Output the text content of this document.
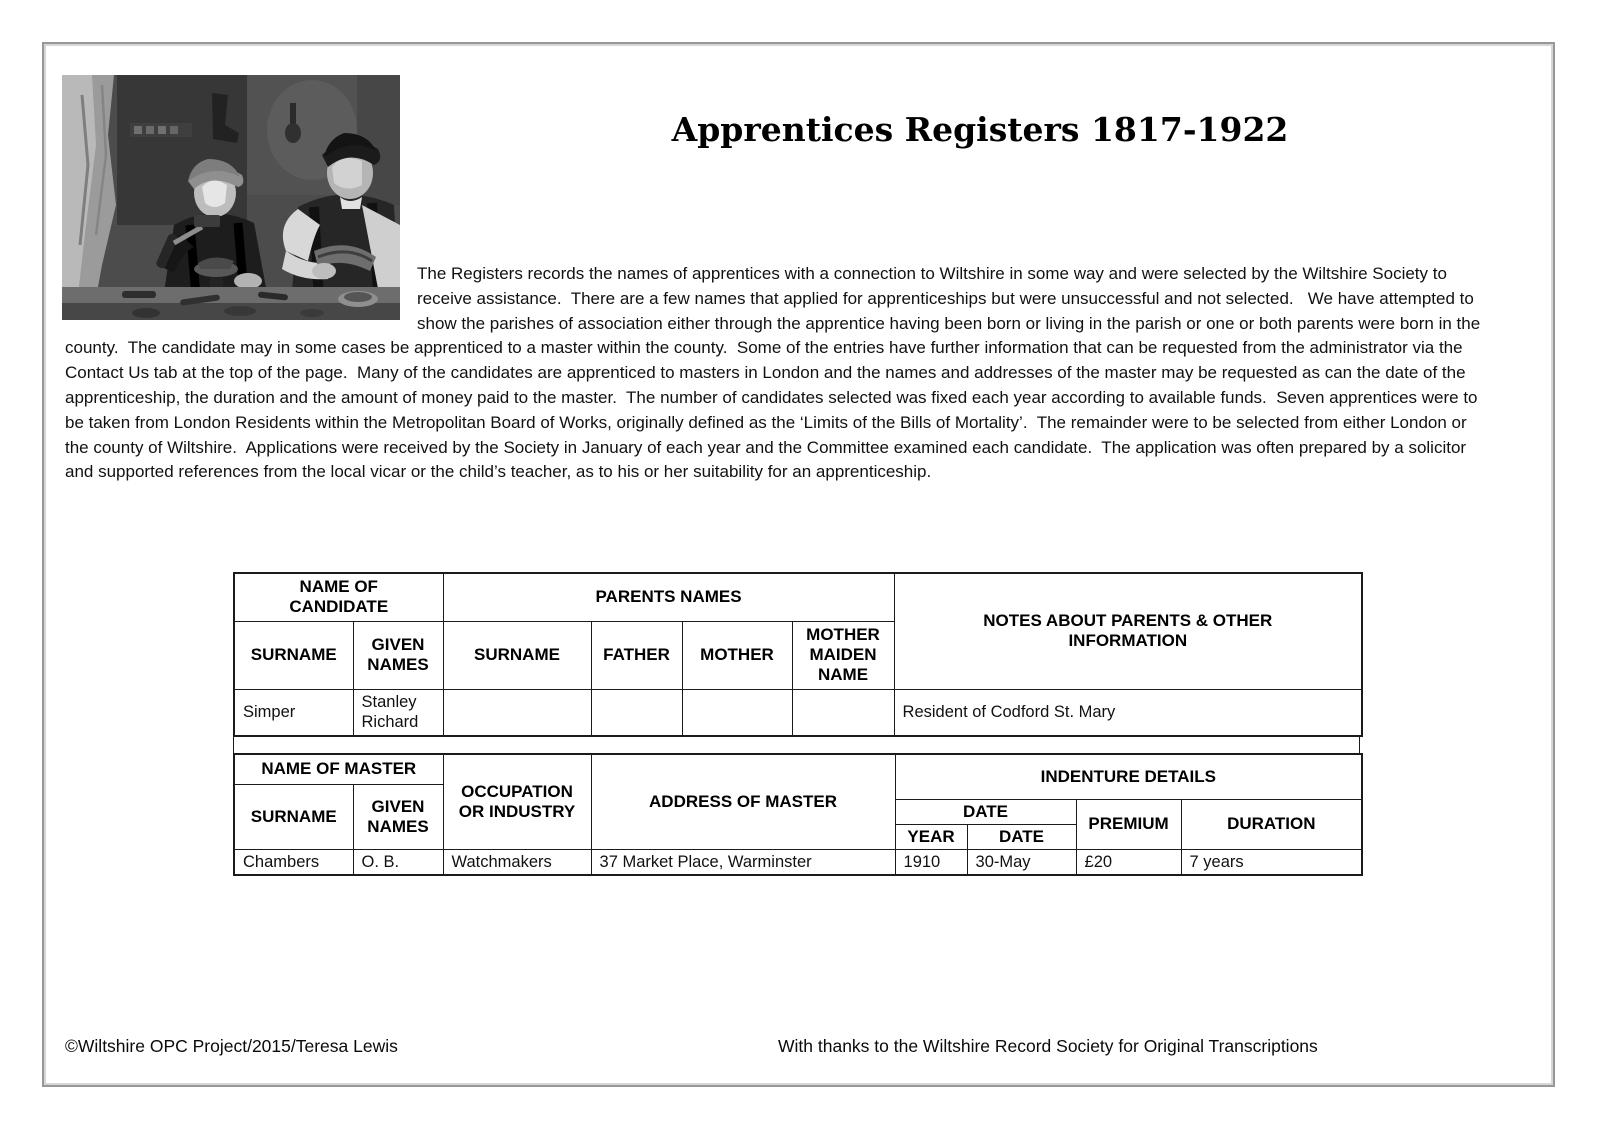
Apprentices Registers 1817-1922
The Registers records the names of apprentices with a connection to Wiltshire in some way and were selected by the Wiltshire Society to receive assistance.  There are a few names that applied for apprenticeships but were unsuccessful and not selected.   We have attempted to show the parishes of association either through the apprentice having been born or living in the parish or one or both parents were born in the county.  The candidate may in some cases be apprenticed to a master within the county.  Some of the entries have further information that can be requested from the administrator via the Contact Us tab at the top of the page.  Many of the candidates are apprenticed to masters in London and the names and addresses of the master may be requested as can the date of the apprenticeship, the duration and the amount of money paid to the master.  The number of candidates selected was fixed each year according to available funds.  Seven apprentices were to be taken from London Residents within the Metropolitan Board of Works, originally defined as the ‘Limits of the Bills of Mortality’.  The remainder were to be selected from either London or the county of Wiltshire.  Applications were received by the Society in January of each year and the Committee examined each candidate.  The application was often prepared by a solicitor and supported references from the local vicar or the child’s teacher, as to his or her suitability for an apprenticeship.
NAME OF CANDIDATE		PARENTS NAMES				NOTES ABOUT PARENTS & OTHER INFORMATION
SURNAME	GIVEN NAMES	SURNAME	FATHER	MOTHER	MOTHER MAIDEN NAME	
Simper	Stanley Richard					Resident of Codford St. Mary
NAME OF MASTER		OCCUPATION OR INDUSTRY	ADDRESS OF MASTER	INDENTURE DETAILS			
SURNAME	GIVEN NAMES						
				DATE		PREMIUM	DURATION
				YEAR	DATE		
Chambers	O. B.	Watchmakers	37 Market Place, Warminster	1910	30-May	£20	7 years
©Wiltshire OPC Project/2015/Teresa Lewis	With thanks to the Wiltshire Record Society for Original Transcriptions
